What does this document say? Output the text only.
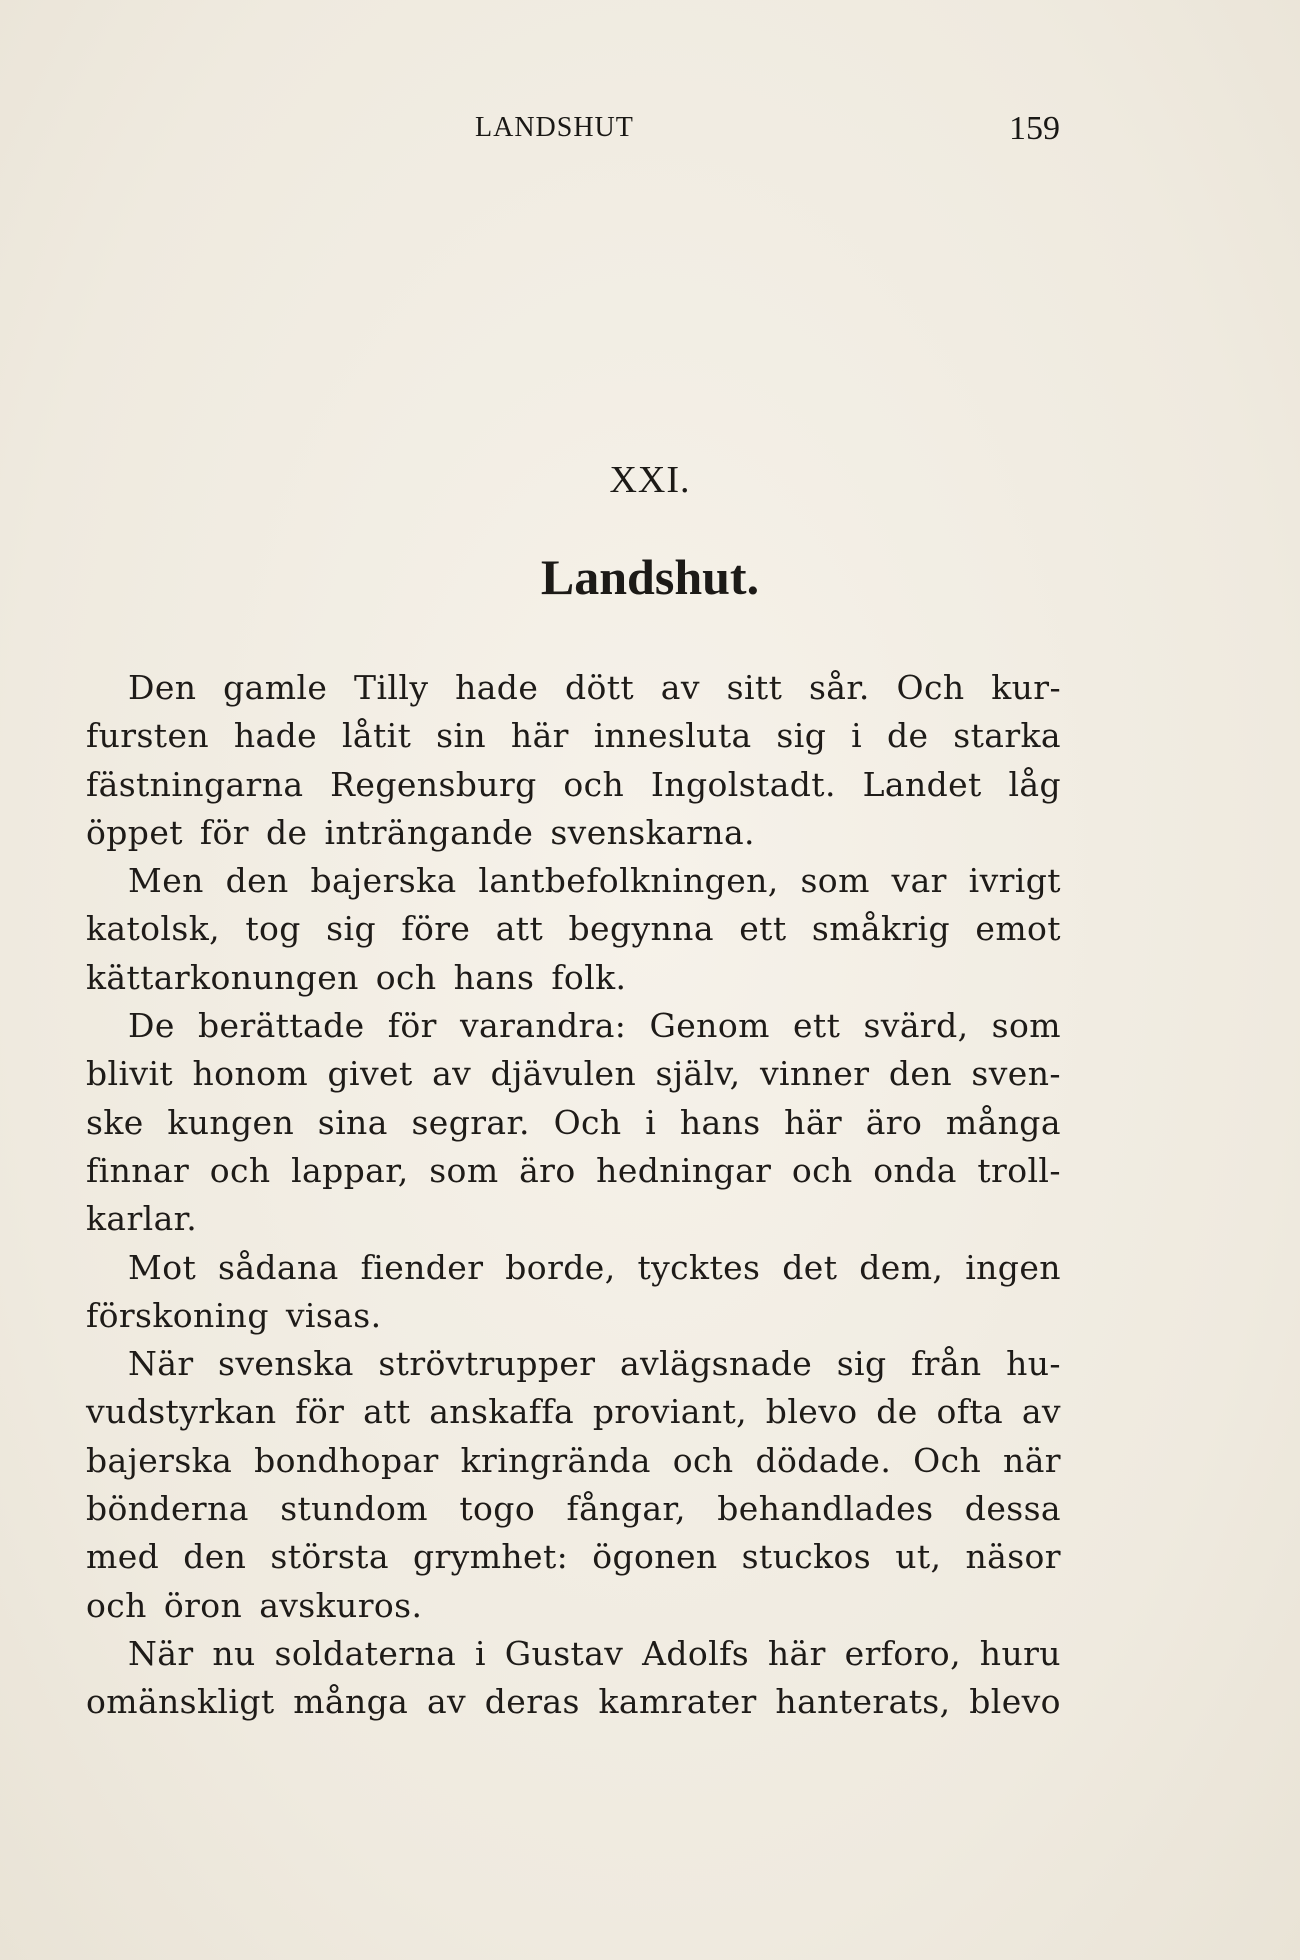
LANDSHUT	159
XXI.
Landshut.
Den gamle Tilly hade dött av sitt sår. Och kur-
fursten hade låtit sin här innesluta sig i de starka
fästningarna Regensburg och Ingolstadt. Landet låg
öppet för de inträngande svenskarna.
Men den bajerska lantbefolkningen, som var ivrigt
katolsk, tog sig före att begynna ett småkrig emot
kättarkonungen och hans folk.
De berättade för varandra: Genom ett svärd, som
blivit honom givet av djävulen själv, vinner den sven-
ske kungen sina segrar. Och i hans här äro många
finnar och lappar, som äro hedningar och onda troll-
karlar.
Mot sådana fiender borde, tycktes det dem, ingen
förskoning visas.
När svenska strövtrupper avlägsnade sig från hu-
vudstyrkan för att anskaffa proviant, blevo de ofta av
bajerska bondhopar kringrända och dödade. Och när
bönderna stundom togo fångar, behandlades dessa
med den största grymhet: ögonen stuckos ut, näsor
och öron avskuros.
När nu soldaterna i Gustav Adolfs här erforo, huru
omänskligt många av deras kamrater hanterats, blevo
